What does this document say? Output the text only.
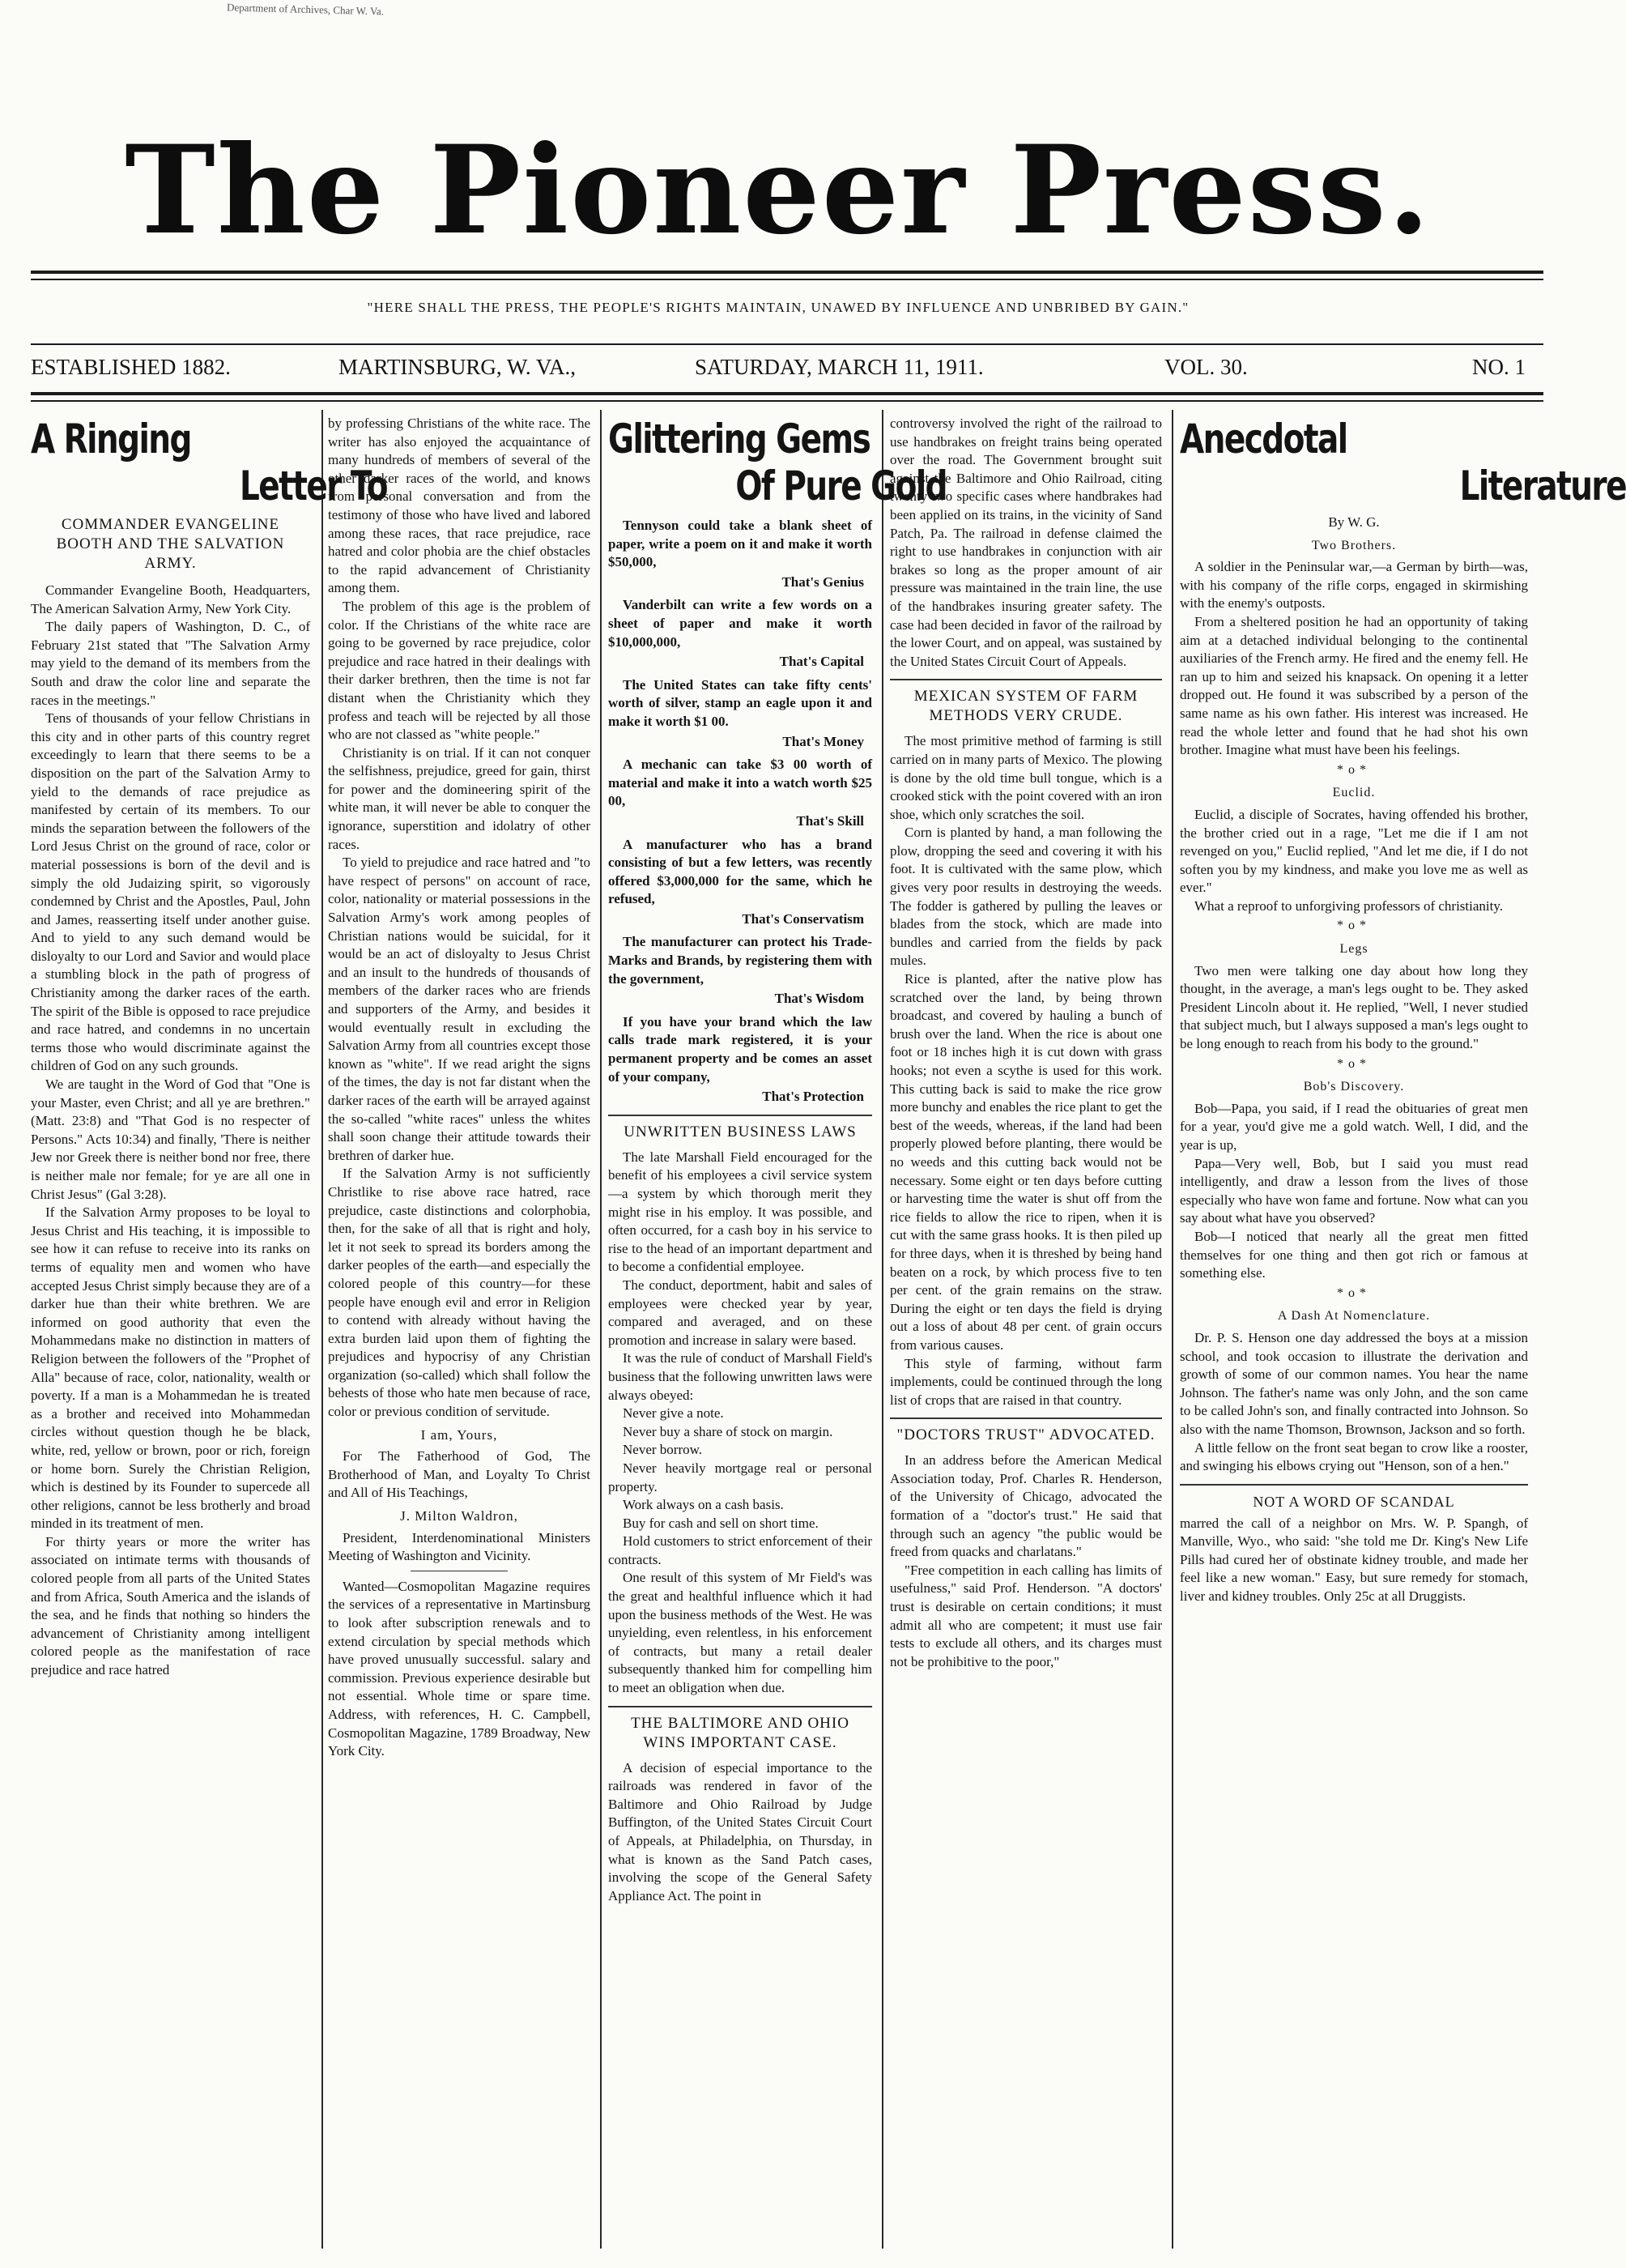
Department of Archives, Char W. Va.
The Pioneer Press.
"HERE SHALL THE PRESS, THE PEOPLE'S RIGHTS MAINTAIN, UNAWED BY INFLUENCE AND UNBRIBED BY GAIN."
ESTABLISHED 1882.	MARTINSBURG, W. VA.,	SATURDAY, MARCH 11, 1911.	VOL. 30.	NO. 1
A Ringing
Letter To
COMMANDER EVANGELINE BOOTH AND THE SALVATION ARMY.

Commander Evangeline Booth, Headquarters, The American Salvation Army, New York City.

The daily papers of Washington, D. C., of February 21st stated that "The Salvation Army may yield to the demand of its members from the South and draw the color line and separate the races in the meetings."

Tens of thousands of your fellow Christians in this city and in other parts of this country regret exceedingly to learn that there seems to be a disposition on the part of the Salvation Army to yield to the demands of race prejudice as manifested by certain of its members. To our minds the separation between the followers of the Lord Jesus Christ on the ground of race, color or material possessions is born of the devil and is simply the old Judaizing spirit, so vigorously condemned by Christ and the Apostles, Paul, John and James, reasserting itself under another guise. And to yield to any such demand would be disloyalty to our Lord and Savior and would place a stumbling block in the path of progress of Christianity among the darker races of the earth. The spirit of the Bible is opposed to race prejudice and race hatred, and condemns in no uncertain terms those who would discriminate against the children of God on any such grounds.

We are taught in the Word of God that "One is your Master, even Christ; and all ye are brethren." (Matt. 23:8) and "That God is no respecter of Persons." Acts 10:34) and finally, 'There is neither Jew nor Greek there is neither bond nor free, there is neither male nor female; for ye are all one in Christ Jesus" (Gal 3:28).

If the Salvation Army proposes to be loyal to Jesus Christ and His teaching, it is impossible to see how it can refuse to receive into its ranks on terms of equality men and women who have accepted Jesus Christ simply because they are of a darker hue than their white brethren. We are informed on good authority that even the Mohammedans make no distinction in matters of Religion between the followers of the "Prophet of Alla" because of race, color, nationality, wealth or poverty. If a man is a Mohammedan he is treated as a brother and received into Mohammedan circles without question though he be black, white, red, yellow or brown, poor or rich, foreign or home born. Surely the Christian Religion, which is destined by its Founder to supercede all other religions, cannot be less brotherly and broad minded in its treatment of men.

For thirty years or more the writer has associated on intimate terms with thousands of colored people from all parts of the United States and from Africa, South America and the islands of the sea, and he finds that nothing so hinders the advancement of Christianity among intelligent colored people as the manifestation of race prejudice and race hatred

by professing Christians of the white race. The writer has also enjoyed the acquaintance of many hundreds of members of several of the other darker races of the world, and knows from personal conversation and from the testimony of those who have lived and labored among these races, that race prejudice, race hatred and color phobia are the chief obstacles to the rapid advancement of Christianity among them.

The problem of this age is the problem of color. If the Christians of the white race are going to be governed by race prejudice, color prejudice and race hatred in their dealings with their darker brethren, then the time is not far distant when the Christianity which they profess and teach will be rejected by all those who are not classed as "white people."

Christianity is on trial. If it can not conquer the selfishness, prejudice, greed for gain, thirst for power and the domineering spirit of the white man, it will never be able to conquer the ignorance, superstition and idolatry of other races.

To yield to prejudice and race hatred and "to have respect of persons" on account of race, color, nationality or material possessions in the Salvation Army's work among peoples of Christian nations would be suicidal, for it would be an act of disloyalty to Jesus Christ and an insult to the hundreds of thousands of members of the darker races who are friends and supporters of the Army, and besides it would eventually result in excluding the Salvation Army from all countries except those known as "white". If we read aright the signs of the times, the day is not far distant when the darker races of the earth will be arrayed against the so-called "white races" unless the whites shall soon change their attitude towards their brethren of darker hue.

If the Salvation Army is not sufficiently Christlike to rise above race hatred, race prejudice, caste distinctions and colorphobia, then, for the sake of all that is right and holy, let it not seek to spread its borders among the darker peoples of the earth—and especially the colored people of this country—for these people have enough evil and error in Religion to contend with already without having the extra burden laid upon them of fighting the prejudices and hypocrisy of any Christian organization (so-called) which shall follow the behests of those who hate men because of race, color or previous condition of servitude.

I am, Yours,

For The Fatherhood of God, The Brotherhood of Man, and Loyalty To Christ and All of His Teachings,

J. Milton Waldron,

President, Interdenominational Ministers Meeting of Washington and Vicinity.

Wanted—Cosmopolitan Magazine requires the services of a representative in Martinsburg to look after subscription renewals and to extend circulation by special methods which have proved unusually successful. salary and commission. Previous experience desirable but not essential. Whole time or spare time. Address, with references, H. C. Campbell, Cosmopolitan Magazine, 1789 Broadway, New York City.

Glittering Gems
Of Pure Gold

Tennyson could take a blank sheet of paper, write a poem on it and make it worth $50,000,

That's Genius

Vanderbilt can write a few words on a sheet of paper and make it worth $10,000,000,

That's Capital

The United States can take fifty cents' worth of silver, stamp an eagle upon it and make it worth $1 00.

That's Money

A mechanic can take $3 00 worth of material and make it into a watch worth $25 00,

That's Skill

A manufacturer who has a brand consisting of but a few letters, was recently offered $3,000,000 for the same, which he refused,

That's Conservatism

The manufacturer can protect his Trade-Marks and Brands, by registering them with the government,

That's Wisdom

If you have your brand which the law calls trade mark registered, it is your permanent property and be comes an asset of your company,

That's Protection
UNWRITTEN BUSINESS LAWS

The late Marshall Field encouraged for the benefit of his employees a civil service system—a system by which thorough merit they might rise in his employ. It was possible, and often occurred, for a cash boy in his service to rise to the head of an important department and to become a confidential employee.

The conduct, deportment, habit and sales of employees were checked year by year, compared and averaged, and on these promotion and increase in salary were based.

It was the rule of conduct of Marshall Field's business that the following unwritten laws were always obeyed:

Never give a note.

Never buy a share of stock on margin.

Never borrow.

Never heavily mortgage real or personal property.

Work always on a cash basis.

Buy for cash and sell on short time.

Hold customers to strict enforcement of their contracts.

One result of this system of Mr Field's was the great and healthful influence which it had upon the business methods of the West. He was unyielding, even relentless, in his enforcement of contracts, but many a retail dealer subsequently thanked him for compelling him to meet an obligation when due.

THE BALTIMORE AND OHIO WINS IMPORTANT CASE.

A decision of especial importance to the railroads was rendered in favor of the Baltimore and Ohio Railroad by Judge Buffington, of the United States Circuit Court of Appeals, at Philadelphia, on Thursday, in what is known as the Sand Patch cases, involving the scope of the General Safety Appliance Act. The point in

controversy involved the right of the railroad to use handbrakes on freight trains being operated over the road. The Government brought suit against the Baltimore and Ohio Railroad, citing twenty two specific cases where handbrakes had been applied on its trains, in the vicinity of Sand Patch, Pa. The railroad in defense claimed the right to use handbrakes in conjunction with air brakes so long as the proper amount of air pressure was maintained in the train line, the use of the handbrakes insuring greater safety. The case had been decided in favor of the railroad by the lower Court, and on appeal, was sustained by the United States Circuit Court of Appeals.

MEXICAN SYSTEM OF FARM METHODS VERY CRUDE.

The most primitive method of farming is still carried on in many parts of Mexico. The plowing is done by the old time bull tongue, which is a crooked stick with the point covered with an iron shoe, which only scratches the soil.

Corn is planted by hand, a man following the plow, dropping the seed and covering it with his foot. It is cultivated with the same plow, which gives very poor results in destroying the weeds. The fodder is gathered by pulling the leaves or blades from the stock, which are made into bundles and carried from the fields by pack mules.

Rice is planted, after the native plow has scratched over the land, by being thrown broadcast, and covered by hauling a bunch of brush over the land. When the rice is about one foot or 18 inches high it is cut down with grass hooks; not even a scythe is used for this work. This cutting back is said to make the rice grow more bunchy and enables the rice plant to get the best of the weeds, whereas, if the land had been properly plowed before planting, there would be no weeds and this cutting back would not be necessary. Some eight or ten days before cutting or harvesting time the water is shut off from the rice fields to allow the rice to ripen, when it is cut with the same grass hooks. It is then piled up for three days, when it is threshed by being hand beaten on a rock, by which process five to ten per cent. of the grain remains on the straw. During the eight or ten days the field is drying out a loss of about 48 per cent. of grain occurs from various causes.

This style of farming, without farm implements, could be continued through the long list of crops that are raised in that country.

"DOCTORS TRUST" ADVOCATED.

In an address before the American Medical Association today, Prof. Charles R. Henderson, of the University of Chicago, advocated the formation of a "doctor's trust." He said that through such an agency "the public would be freed from quacks and charlatans."

"Free competition in each calling has limits of usefulness," said Prof. Henderson. "A doctors' trust is desirable on certain conditions; it must admit all who are competent; it must use fair tests to exclude all others, and its charges must not be prohibitive to the poor,"

Anecdotal
Literature
By W. G.
Two Brothers.

A soldier in the Peninsular war,—a German by birth—was, with his company of the rifle corps, engaged in skirmishing with the enemy's outposts.

From a sheltered position he had an opportunity of taking aim at a detached individual belonging to the continental auxiliaries of the French army. He fired and the enemy fell. He ran up to him and seized his knapsack. On opening it a letter dropped out. He found it was subscribed by a person of the same name as his own father. His interest was increased. He read the whole letter and found that he had shot his own brother. Imagine what must have been his feelings.

*o*
Euclid.

Euclid, a disciple of Socrates, having offended his brother, the brother cried out in a rage, "Let me die if I am not revenged on you," Euclid replied, "And let me die, if I do not soften you by my kindness, and make you love me as well as ever."

What a reproof to unforgiving professors of christianity.

*o*
Legs

Two men were talking one day about how long they thought, in the average, a man's legs ought to be. They asked President Lincoln about it. He replied, "Well, I never studied that subject much, but I always supposed a man's legs ought to be long enough to reach from his body to the ground."

*o*
Bob's Discovery.

Bob—Papa, you said, if I read the obituaries of great men for a year, you'd give me a gold watch. Well, I did, and the year is up,

Papa—Very well, Bob, but I said you must read intelligently, and draw a lesson from the lives of those especially who have won fame and fortune. Now what can you say about what have you observed?

Bob—I noticed that nearly all the great men fitted themselves for one thing and then got rich or famous at something else.

*o*
A Dash At Nomenclature.

Dr. P. S. Henson one day addressed the boys at a mission school, and took occasion to illustrate the derivation and growth of some of our common names. You hear the name Johnson. The father's name was only John, and the son came to be called John's son, and finally contracted into Johnson. So also with the name Thomson, Brownson, Jackson and so forth.

A little fellow on the front seat began to crow like a rooster, and swinging his elbows crying out "Henson, son of a hen."

NOT A WORD OF SCANDAL

marred the call of a neighbor on Mrs. W. P. Spangh, of Manville, Wyo., who said: "she told me Dr. King's New Life Pills had cured her of obstinate kidney trouble, and made her feel like a new woman." Easy, but sure remedy for stomach, liver and kidney troubles. Only 25c at all Druggists.
